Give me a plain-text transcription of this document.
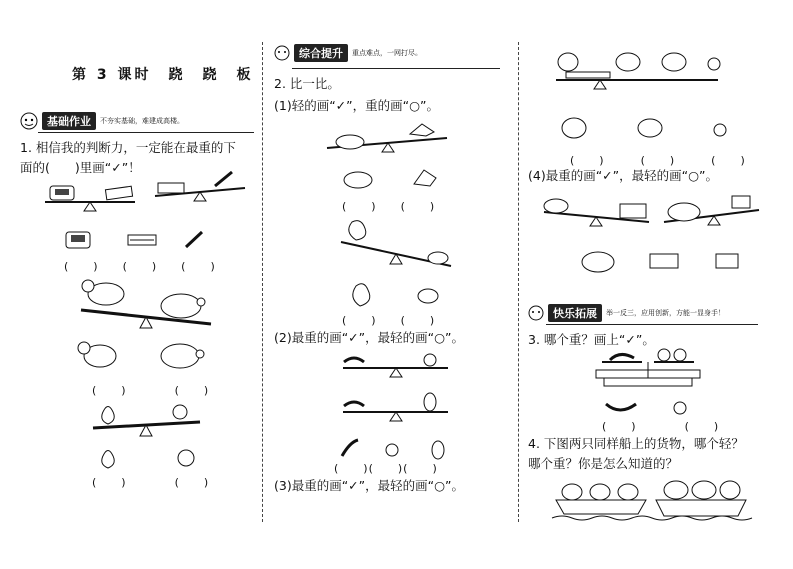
第 3 课时　跷　跷　板
基础作业	不夯实基础，难建成高楼。
1. 相信我的判断力，一定能在最重的下
面的(　　)里画“✓”！
(　　)　　(　　)　　(　　)
(　　)　　　　(　　)
(　　)　　　　(　　)
综合提升	重点难点，一网打尽。
2. 比一比。
(1)轻的画“✓”，重的画“○”。
(　　)　　(　　)
(　　)　　(　　)
(2)最重的画“✓”，最轻的画“○”。
(　　)(　　)(　　)
(3)最重的画“✓”，最轻的画“○”。
(　　)　　　(　　)　　　(　　)
(4)最重的画“✓”，最轻的画“○”。
快乐拓展	举一反三，应用创新，方能一显身手！
3. 哪个重？画上“✓”。
(　　)　　　　(　　)
4. 下图两只同样船上的货物，哪个轻？
哪个重？你是怎么知道的？
